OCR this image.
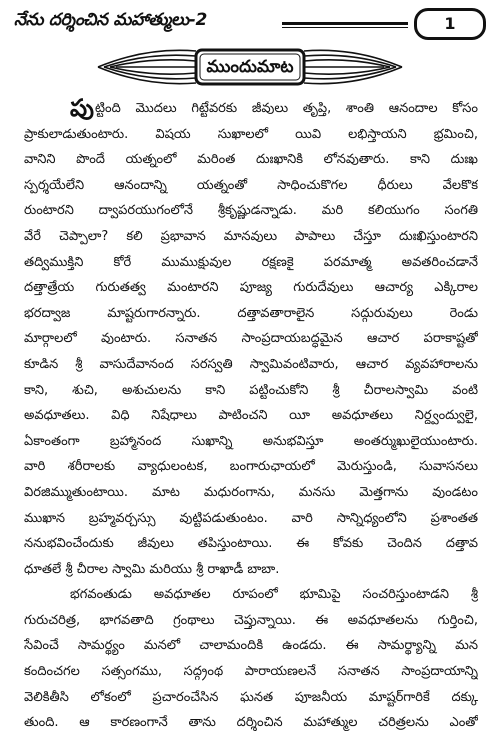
నేను దర్శించిన మహాత్ములు-2	1
ముందుమాట
పుట్టింది మొదలు గిట్టేవరకు జీవులు తృప్తి, శాంతి ఆనందాల కోసం
ప్రాకులాడుతుంటారు. విషయ సుఖాలలో యివి లభిస్తాయని భ్రమించి,
వానిని పొందే యత్నంలో మరింత దుఃఖానికి లోనవుతారు. కాని దుఃఖ
స్పర్శయేలేని ఆనందాన్ని యత్నంతో సాధించుకొగల ధీరులు వేలకొక
రుంటారని ద్వాపరయుగంలోనే శ్రీకృష్ణుడన్నాడు. మరి కలియుగం సంగతి
వేరే చెప్పాలా? కలి ప్రభావాన మానవులు పాపాలు చేస్తూ దుఃఖిస్తుంటారని
తద్విముక్తిని కోరే ముముక్షువుల రక్షణకై పరమాత్మ అవతరించడానే
దత్తాత్రేయ గురుతత్వ మంటారని పూజ్య గురుదేవులు ఆచార్య ఎక్కిరాల
భరద్వాజ మాష్టరుగారన్నారు. దత్తావతారాలైన సద్గురువులు రెండు
మార్గాలలో వుంటారు. సనాతన సాంప్రదాయబద్ధమైన ఆచార పరాకాష్టతో
కూడిన శ్రీ వాసుదేవానంద సరస్వతి స్వామివంటివారు, ఆచార వ్యవహారాలను
కాని, శుచి, అశుచులను కాని పట్టించుకోని శ్రీ చీరాలస్వామి వంటి
అవధూతలు. విధి నిషేధాలు పాటించని యీ అవధూతలు నిర్ద్వంద్వులై,
ఏకాంతంగా బ్రహ్మానంద సుఖాన్ని అనుభవిస్తూ అంతర్ముఖులైయుంటారు.
వారి శరీరాలకు వ్యాధులంటక, బంగారుఛాయలో మెరుస్తుండి, సువాసనలు
విరజిమ్ముతుంటాయి. మాట మధురంగాను, మనసు మెత్తగాను వుండటం
ముఖాన బ్రహ్మవర్చస్సు వుట్టిపడుతుంటం. వారి సాన్నిధ్యంలోని ప్రశాంతత
ననుభవించేందుకు జీవులు తపిస్తుంటాయి. ఈ కోవకు చెందిన దత్తావ
ధూతలే శ్రీ చీరాల స్వామి మరియు శ్రీ రాఖాడీ బాబా.
భగవంతుడు అవధూతల రూపంలో భూమిపై సంచరిస్తుంటాడని శ్రీ
గురుచరిత్ర, భాగవతాది గ్రంథాలు చెప్తున్నాయి. ఈ అవధూతలను గుర్తించి,
సేవించే సామర్థ్యం మనలో చాలామందికి ఉండదు. ఈ సామర్థ్యాన్ని మన
కందించగల సత్సంగము, సద్గ్రంథ పారాయణలనే సనాతన సాంప్రదాయాన్ని
వెలికితీసి లోకంలో ప్రచారంచేసిన ఘనత పూజనీయ మాష్టర్‌గారికే దక్కు
తుంది. ఆ కారణంగానే తాను దర్శించిన మహాత్ముల చరిత్రలను ఎంతో
